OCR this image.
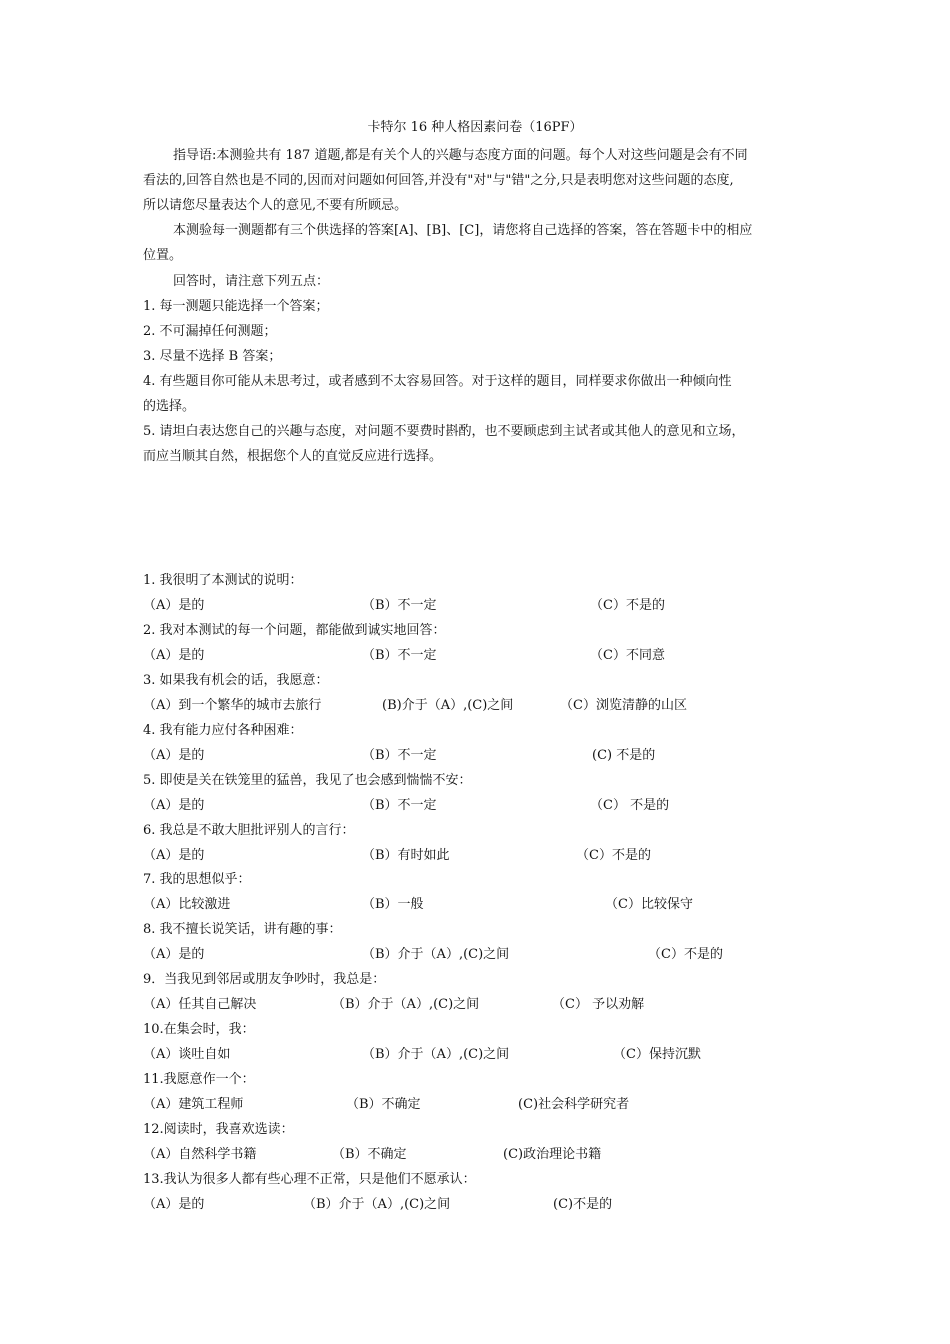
卡特尔 16 种人格因素问卷（16PF）
指导语:本测验共有 187 道题,都是有关个人的兴趣与态度方面的问题。每个人对这些问题是会有不同
看法的,回答自然也是不同的,因而对问题如何回答,并没有"对"与"错"之分,只是表明您对这些问题的态度,
所以请您尽量表达个人的意见,不要有所顾忌。
本测验每一测题都有三个供选择的答案[A]、[B]、[C]，请您将自己选择的答案，答在答题卡中的相应
位置。
回答时，请注意下列五点：
1. 每一测题只能选择一个答案；
2. 不可漏掉任何测题；
3. 尽量不选择 B 答案；
4. 有些题目你可能从未思考过，或者感到不太容易回答。对于这样的题目，同样要求你做出一种倾向性
的选择。
5. 请坦白表达您自己的兴趣与态度，对问题不要费时斟酌，也不要顾虑到主试者或其他人的意见和立场，
而应当顺其自然，根据您个人的直觉反应进行选择。
1. 我很明了本测试的说明：
（A）是的	（B）不一定	（C）不是的
2. 我对本测试的每一个问题，都能做到诚实地回答：
（A）是的	（B）不一定	（C）不同意
3. 如果我有机会的话，我愿意：
（A）到一个繁华的城市去旅行	(B)介于（A）,(C)之间	（C）浏览清静的山区
4. 我有能力应付各种困难：
（A）是的	（B）不一定	(C) 不是的
5. 即使是关在铁笼里的猛兽，我见了也会感到惴惴不安：
（A）是的	（B）不一定	（C） 不是的
6. 我总是不敢大胆批评别人的言行：
（A）是的	（B）有时如此	（C）不是的
7. 我的思想似乎：
（A）比较激进	（B）一般	（C）比较保守
8. 我不擅长说笑话，讲有趣的事：
（A）是的	（B）介于（A）,(C)之间	（C）不是的
9．当我见到邻居或朋友争吵时，我总是：
（A）任其自己解决	（B）介于（A）,(C)之间	（C） 予以劝解
10.在集会时，我：
（A）谈吐自如	（B）介于（A）,(C)之间	（C）保持沉默
11.我愿意作一个：
（A）建筑工程师	（B）不确定	(C)社会科学研究者
12.阅读时，我喜欢选读：
（A）自然科学书籍	（B）不确定	(C)政治理论书籍
13.我认为很多人都有些心理不正常，只是他们不愿承认：
（A）是的	（B）介于（A）,(C)之间	(C)不是的
